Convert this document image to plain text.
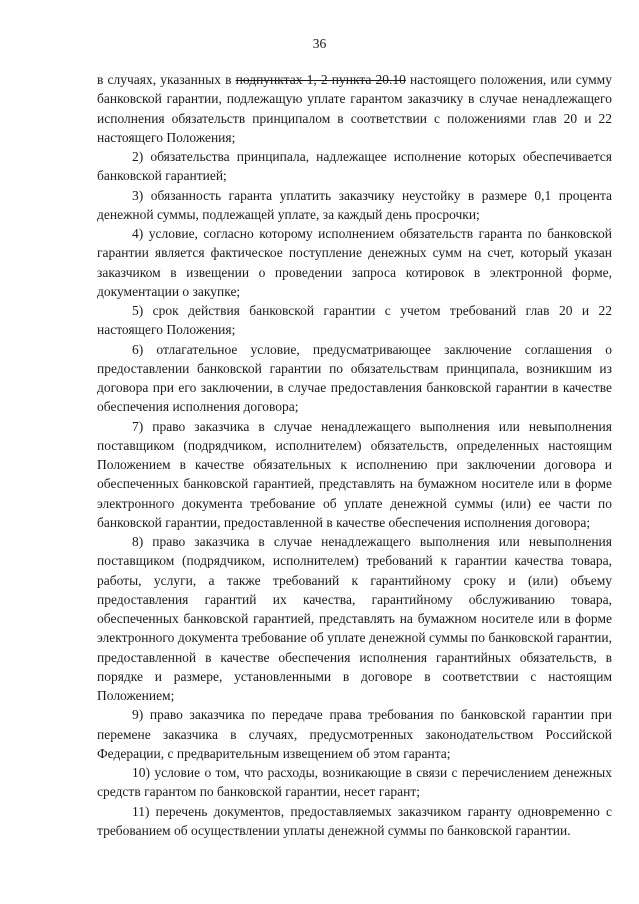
36

в случаях, указанных в подпунктах 1, 2 пункта 20.10 настоящего положения, или сумму банковской гарантии, подлежащую уплате гарантом заказчику в случае ненадлежащего исполнения обязательств принципалом в соответствии с положениями глав 20 и 22 настоящего Положения;

2) обязательства принципала, надлежащее исполнение которых обеспечивается банковской гарантией;

3) обязанность гаранта уплатить заказчику неустойку в размере 0,1 процента денежной суммы, подлежащей уплате, за каждый день просрочки;

4) условие, согласно которому исполнением обязательств гаранта по банковской гарантии является фактическое поступление денежных сумм на счет, который указан заказчиком в извещении о проведении запроса котировок в электронной форме, документации о закупке;

5) срок действия банковской гарантии с учетом требований глав 20 и 22 настоящего Положения;

6) отлагательное условие, предусматривающее заключение соглашения о предоставлении банковской гарантии по обязательствам принципала, возникшим из договора при его заключении, в случае предоставления банковской гарантии в качестве обеспечения исполнения договора;

7) право заказчика в случае ненадлежащего выполнения или невыполнения поставщиком (подрядчиком, исполнителем) обязательств, определенных настоящим Положением в качестве обязательных к исполнению при заключении договора и обеспеченных банковской гарантией, представлять на бумажном носителе или в форме электронного документа требование об уплате денежной суммы (или) ее части по банковской гарантии, предоставленной в качестве обеспечения исполнения договора;

8) право заказчика в случае ненадлежащего выполнения или невыполнения поставщиком (подрядчиком, исполнителем) требований к гарантии качества товара, работы, услуги, а также требований к гарантийному сроку и (или) объему предоставления гарантий их качества, гарантийному обслуживанию товара, обеспеченных банковской гарантией, представлять на бумажном носителе или в форме электронного документа требование об уплате денежной суммы по банковской гарантии, предоставленной в качестве обеспечения исполнения гарантийных обязательств, в порядке и размере, установленными в договоре в соответствии с настоящим Положением;

9) право заказчика по передаче права требования по банковской гарантии при перемене заказчика в случаях, предусмотренных законодательством Российской Федерации, с предварительным извещением об этом гаранта;

10) условие о том, что расходы, возникающие в связи с перечислением денежных средств гарантом по банковской гарантии, несет гарант;

11) перечень документов, предоставляемых заказчиком гаранту одновременно с требованием об осуществлении уплаты денежной суммы по банковской гарантии.
